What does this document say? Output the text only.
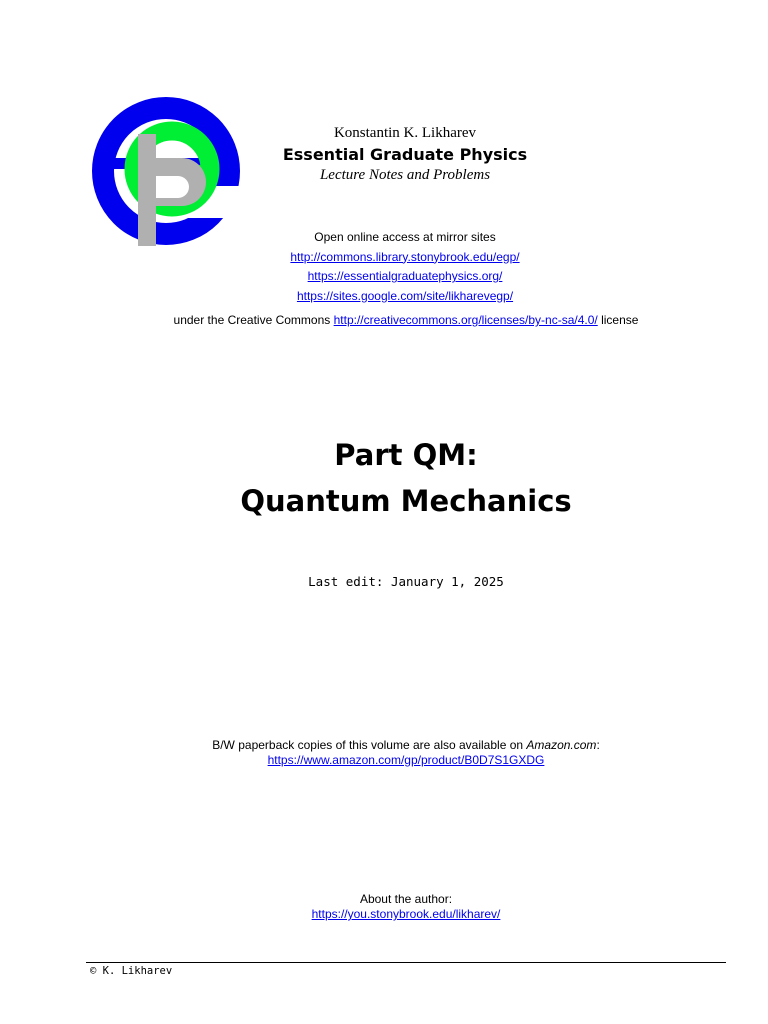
Konstantin K. Likharev
Essential Graduate Physics
Lecture Notes and Problems
Open online access at mirror sites
http://commons.library.stonybrook.edu/egp/
https://essentialgraduatephysics.org/
https://sites.google.com/site/likharevegp/
under the Creative Commons http://creativecommons.org/licenses/by-nc-sa/4.0/ license
Part QM:
Quantum Mechanics
Last edit: January 1, 2025
B/W paperback copies of this volume are also available on Amazon.com:
https://www.amazon.com/gp/product/B0D7S1GXDG
About the author:
https://you.stonybrook.edu/likharev/
© K. Likharev
